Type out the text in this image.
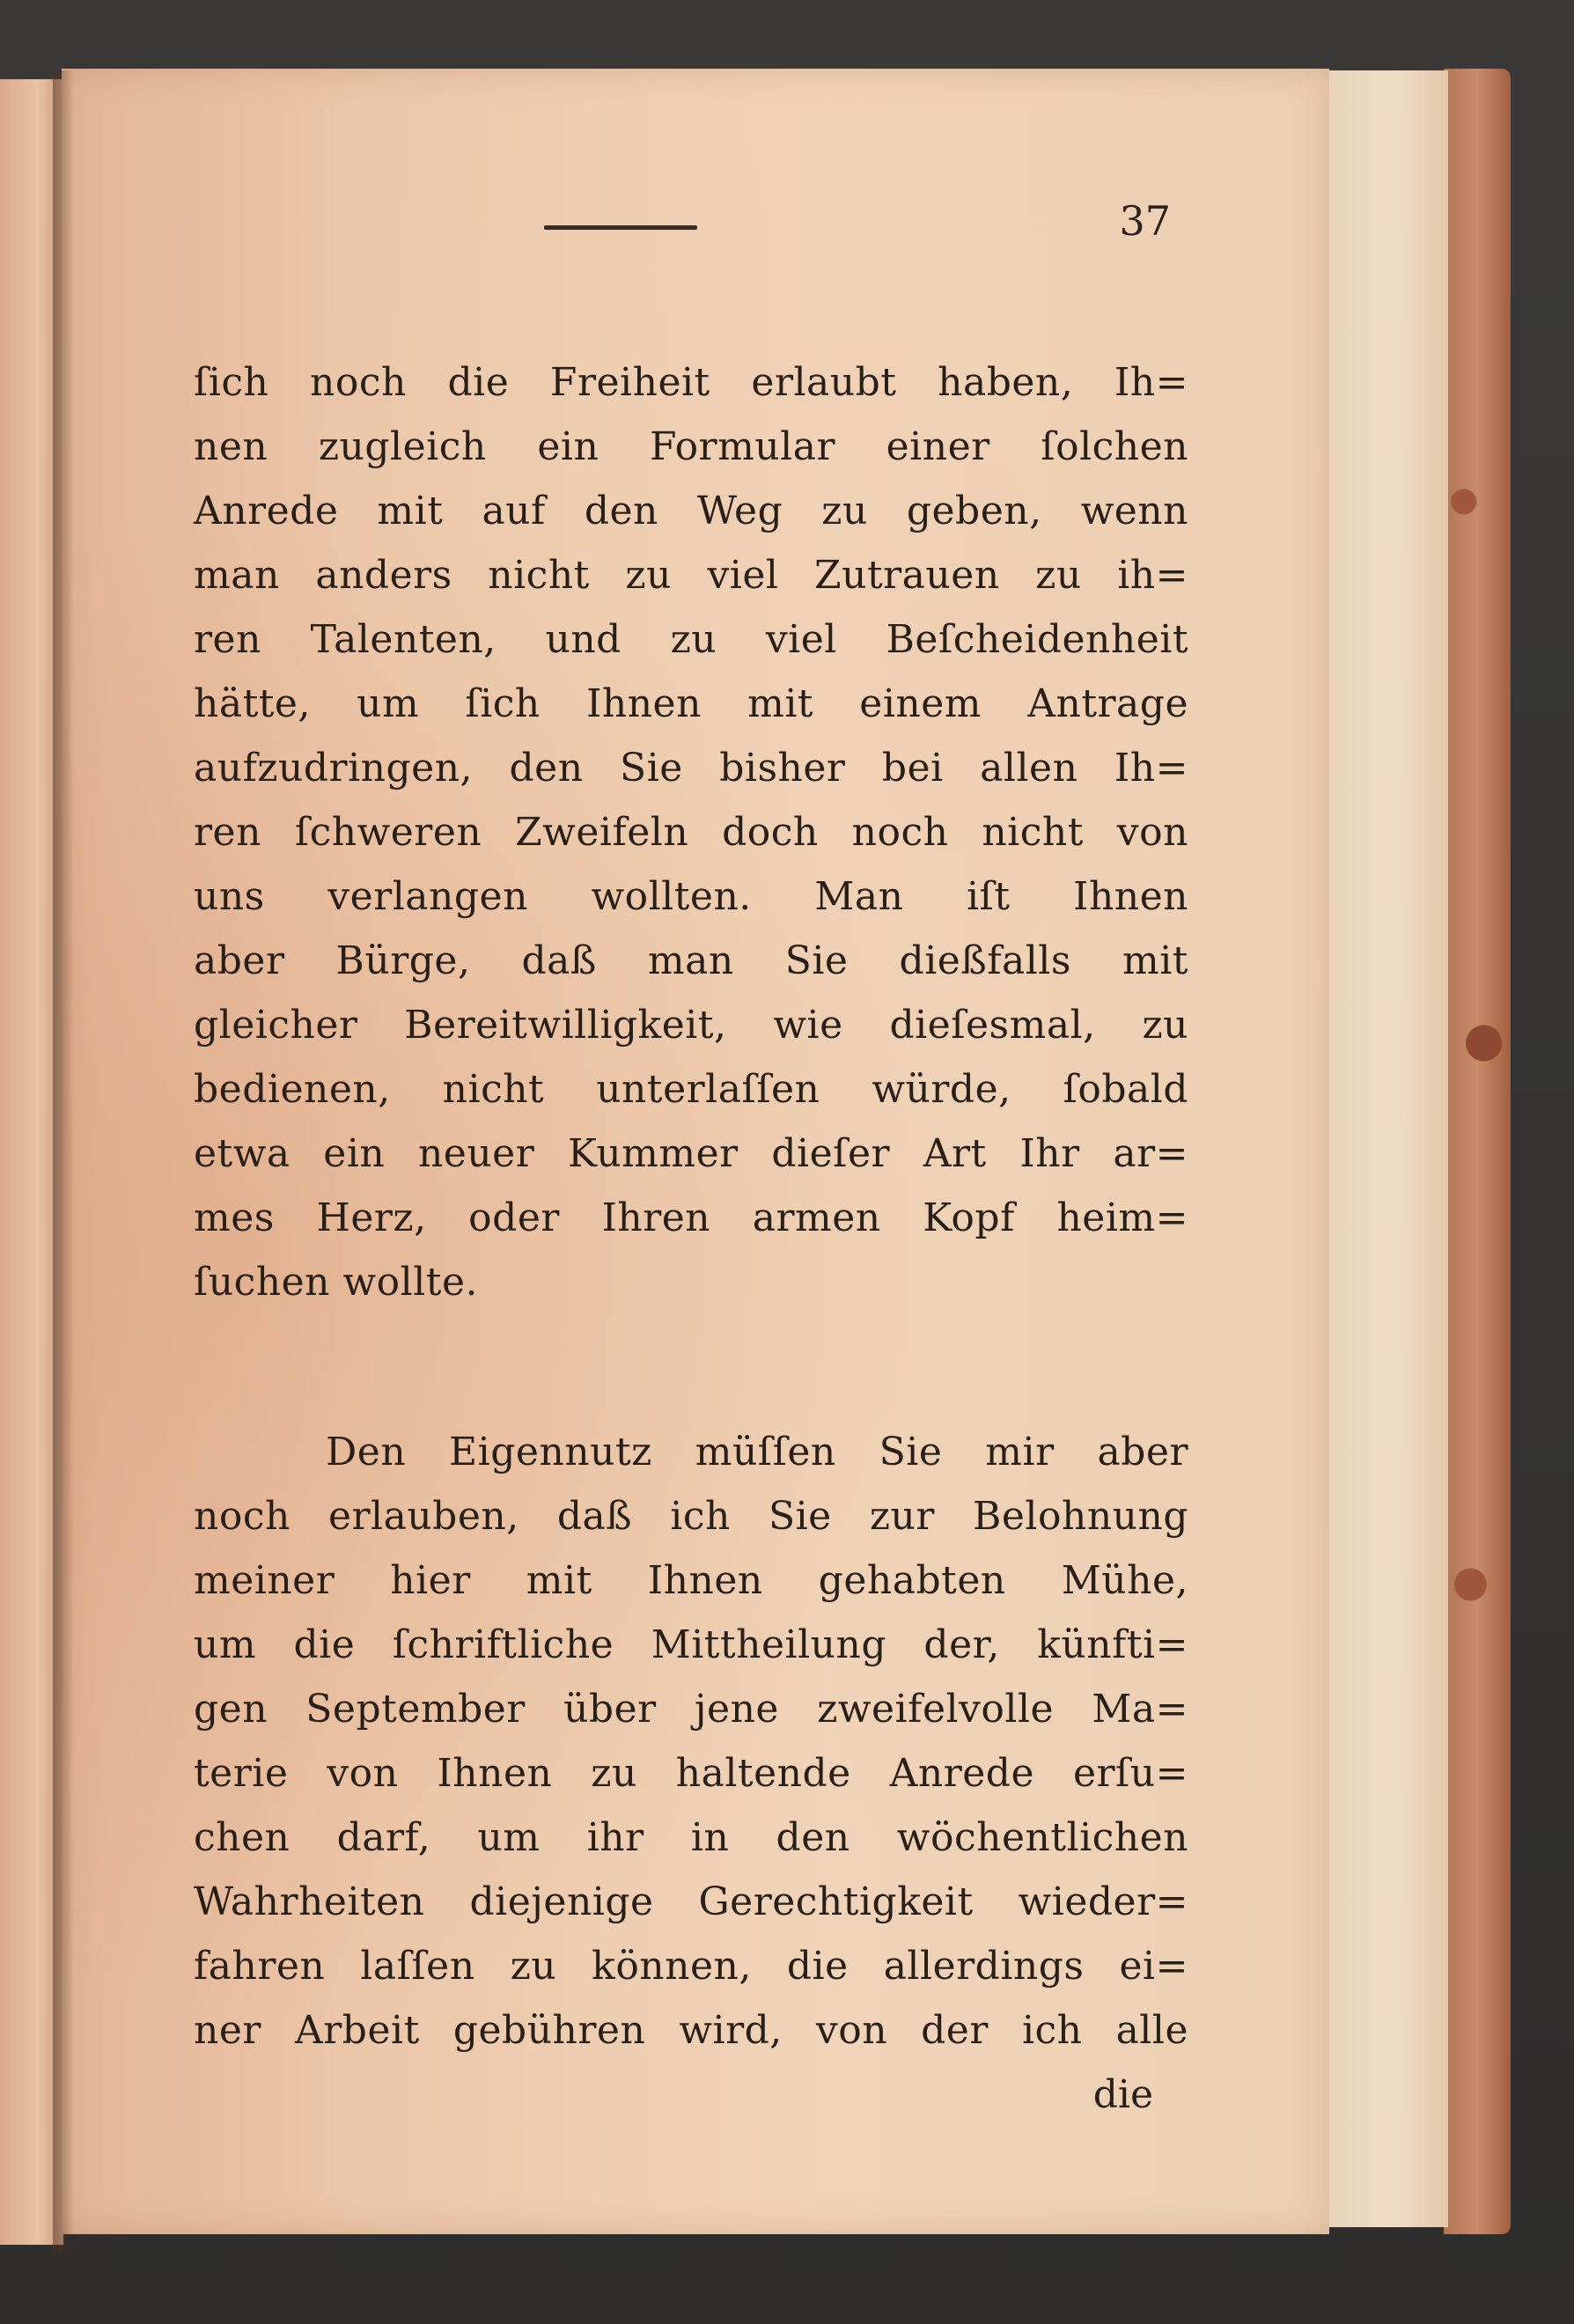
37
ſich noch die Freiheit erlaubt haben, Ih=
nen zugleich ein Formular einer ſolchen
Anrede mit auf den Weg zu geben, wenn
man anders nicht zu viel Zutrauen zu ih=
ren Talenten, und zu viel Beſcheidenheit
hätte, um ſich Ihnen mit einem Antrage
aufzudringen, den Sie bisher bei allen Ih=
ren ſchweren Zweifeln doch noch nicht von
uns verlangen wollten. Man iſt Ihnen
aber Bürge, daß man Sie dießfalls mit
gleicher Bereitwilligkeit, wie dieſesmal, zu
bedienen, nicht unterlaſſen würde, ſobald
etwa ein neuer Kummer dieſer Art Ihr ar=
mes Herz, oder Ihren armen Kopf heim=
ſuchen wollte.
Den Eigennutz müſſen Sie mir aber
noch erlauben, daß ich Sie zur Belohnung
meiner hier mit Ihnen gehabten Mühe,
um die ſchriftliche Mittheilung der, künfti=
gen September über jene zweifelvolle Ma=
terie von Ihnen zu haltende Anrede erſu=
chen darf, um ihr in den wöchentlichen
Wahrheiten diejenige Gerechtigkeit wieder=
fahren laſſen zu können, die allerdings ei=
ner Arbeit gebühren wird, von der ich alle
die
